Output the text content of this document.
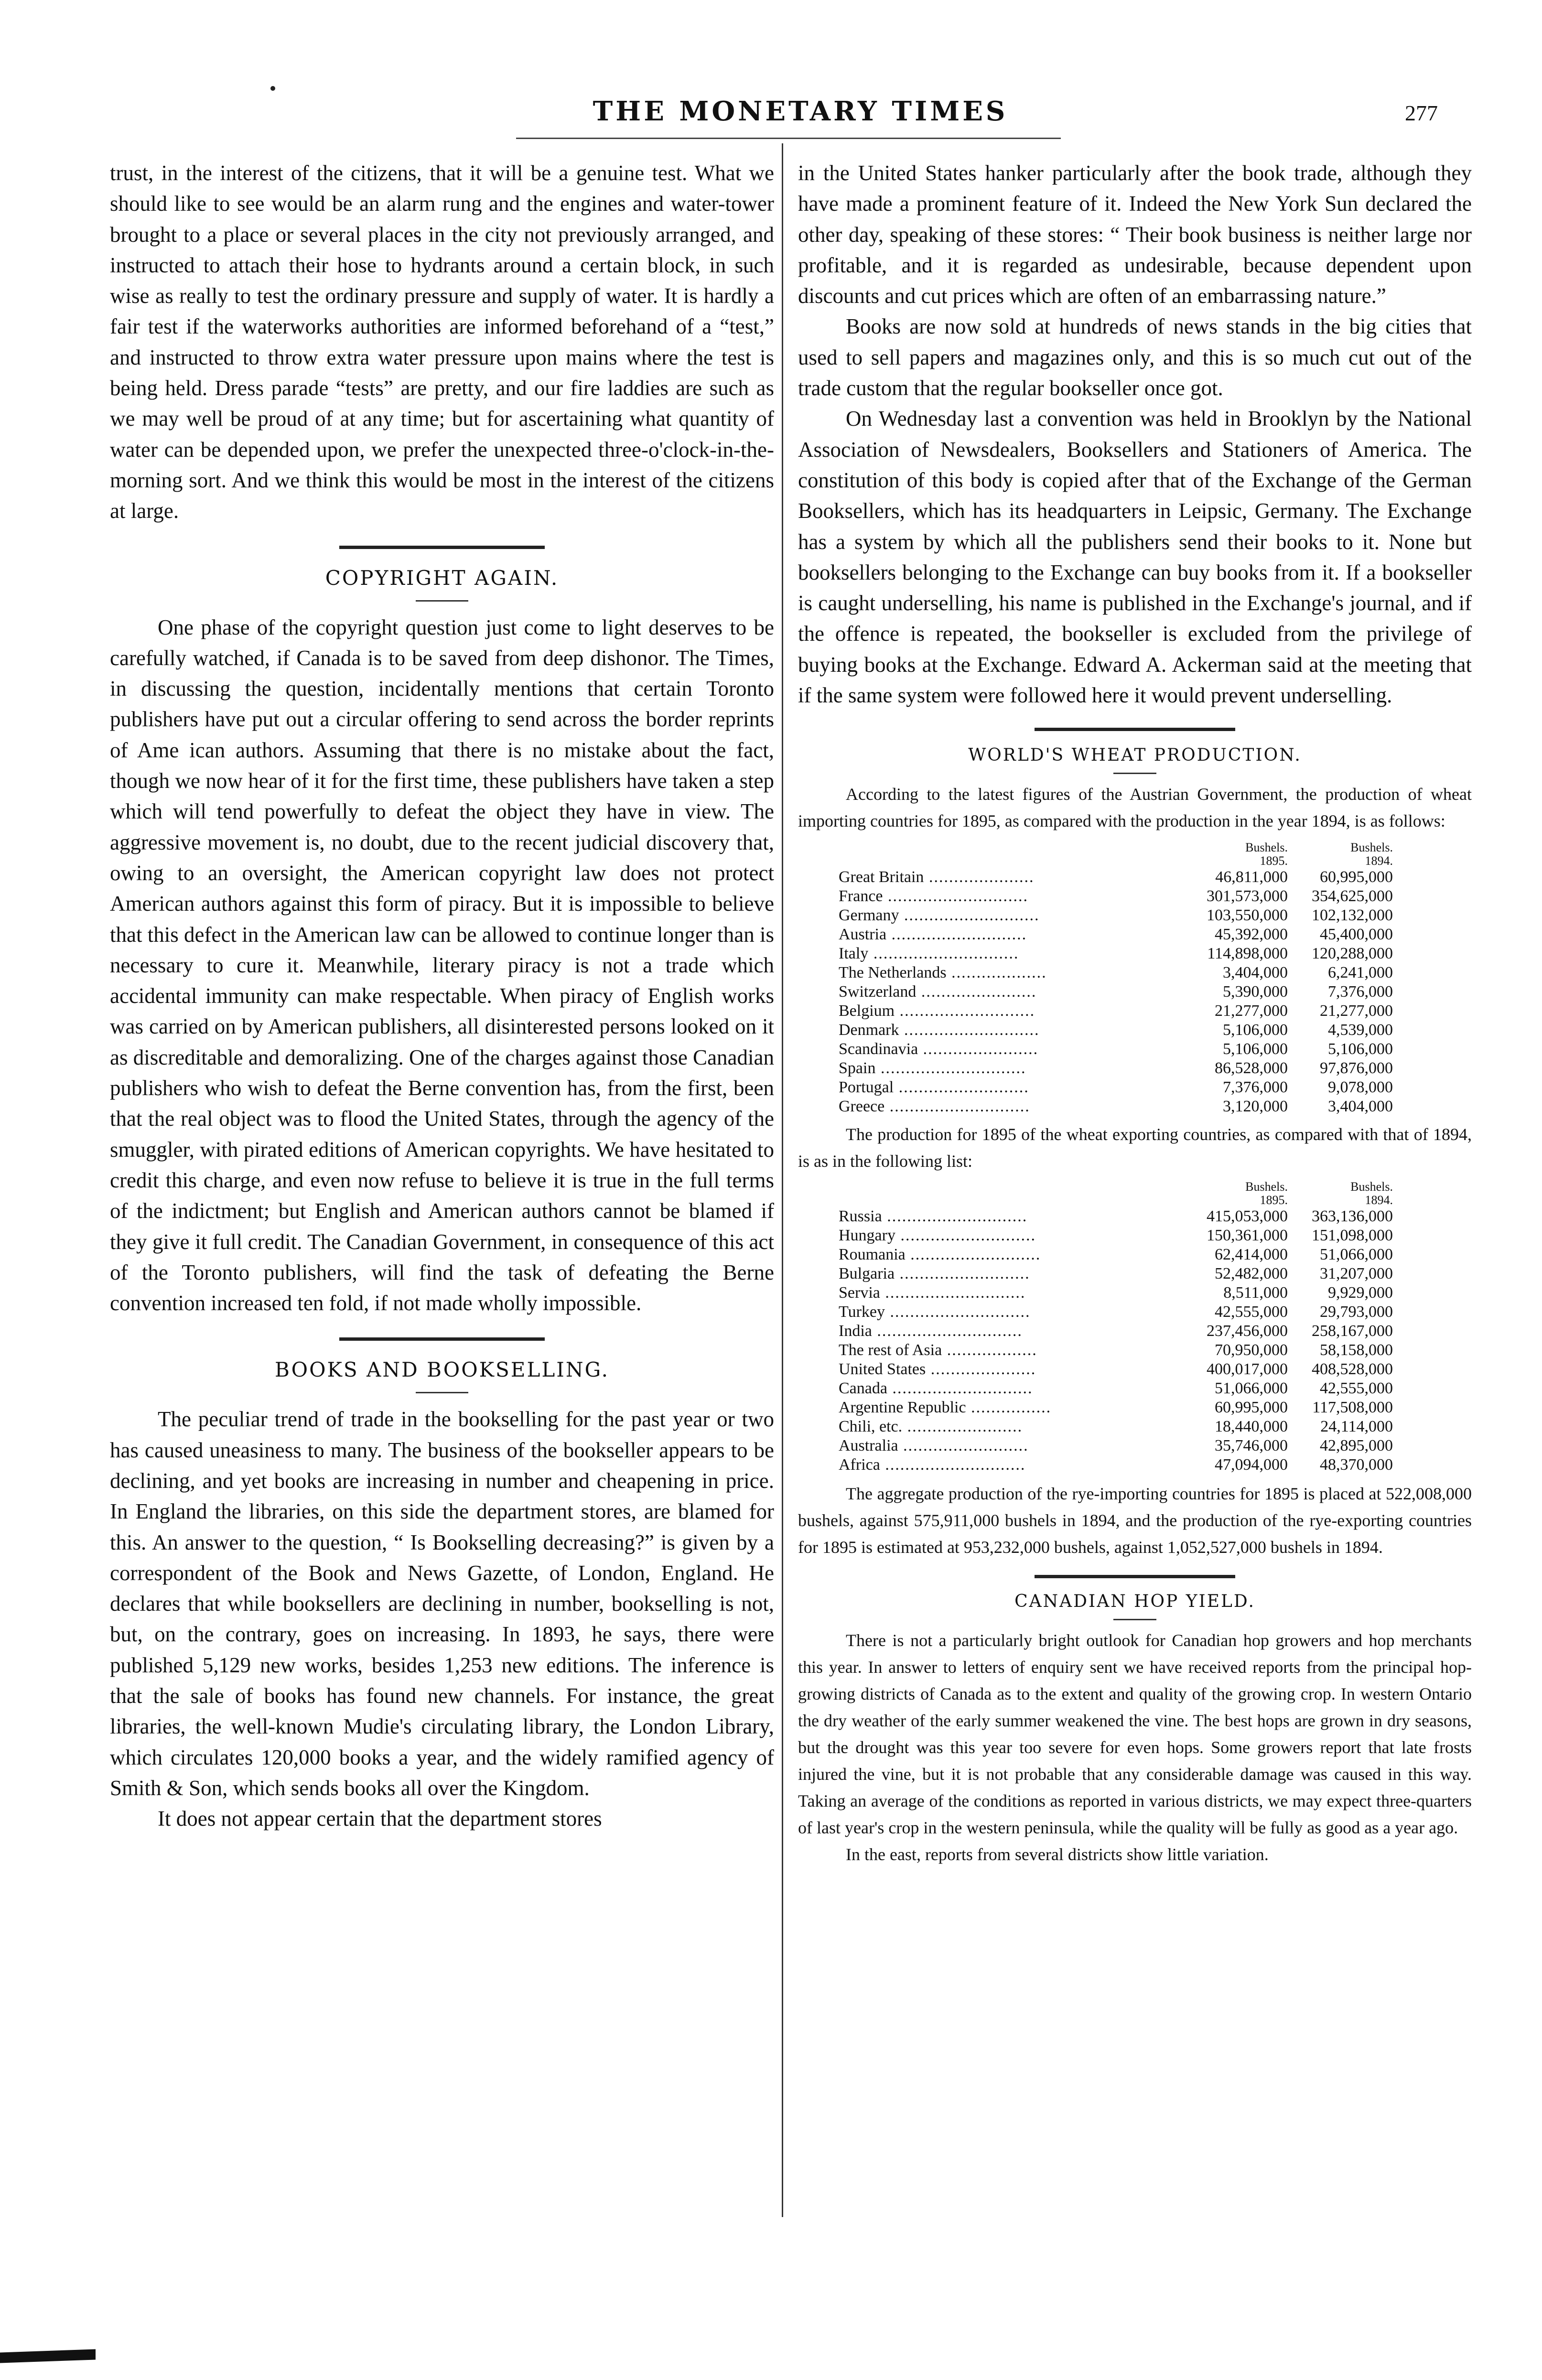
THE MONETARY TIMES	277

trust, in the interest of the citizens, that it will be a genuine test. What we should like to see would be an alarm rung and the engines and water-tower brought to a place or several places in the city not previously arranged, and instructed to attach their hose to hydrants around a certain block, in such wise as really to test the ordinary pressure and supply of water. It is hardly a fair test if the waterworks authorities are informed beforehand of a “test,” and instructed to throw extra water pressure upon mains where the test is being held. Dress parade “tests” are pretty, and our fire laddies are such as we may well be proud of at any time; but for ascertaining what quantity of water can be depended upon, we prefer the unexpected three-o'clock-in-the-morning sort. And we think this would be most in the interest of the citizens at large.

COPYRIGHT AGAIN.

One phase of the copyright question just come to light deserves to be carefully watched, if Canada is to be saved from deep dishonor. The Times, in discussing the question, incidentally mentions that certain Toronto publishers have put out a circular offering to send across the border reprints of Ame ican authors. Assuming that there is no mistake about the fact, though we now hear of it for the first time, these publishers have taken a step which will tend powerfully to defeat the object they have in view. The aggressive movement is, no doubt, due to the recent judicial discovery that, owing to an oversight, the American copyright law does not protect American authors against this form of piracy. But it is impossible to believe that this defect in the American law can be allowed to continue longer than is necessary to cure it. Meanwhile, literary piracy is not a trade which accidental immunity can make respectable. When piracy of English works was carried on by American publishers, all disinterested persons looked on it as discreditable and demoralizing. One of the charges against those Canadian publishers who wish to defeat the Berne convention has, from the first, been that the real object was to flood the United States, through the agency of the smuggler, with pirated editions of American copyrights. We have hesitated to credit this charge, and even now refuse to believe it is true in the full terms of the indictment; but English and American authors cannot be blamed if they give it full credit. The Canadian Government, in consequence of this act of the Toronto publishers, will find the task of defeating the Berne convention increased ten fold, if not made wholly impossible.

BOOKS AND BOOKSELLING.

The peculiar trend of trade in the bookselling for the past year or two has caused uneasiness to many. The business of the bookseller appears to be declining, and yet books are increasing in number and cheapening in price. In England the libraries, on this side the department stores, are blamed for this. An answer to the question, “ Is Bookselling decreasing?” is given by a correspondent of the Book and News Gazette, of London, England. He declares that while booksellers are declining in number, bookselling is not, but, on the contrary, goes on increasing. In 1893, he says, there were published 5,129 new works, besides 1,253 new editions. The inference is that the sale of books has found new channels. For instance, the great libraries, the well-known Mudie's circulating library, the London Library, which circulates 120,000 books a year, and the widely ramified agency of Smith & Son, which sends books all over the Kingdom.

It does not appear certain that the department stores

in the United States hanker particularly after the book trade, although they have made a prominent feature of it. Indeed the New York Sun declared the other day, speaking of these stores: “ Their book business is neither large nor profitable, and it is regarded as undesirable, because dependent upon discounts and cut prices which are often of an embarrassing nature.”

Books are now sold at hundreds of news stands in the big cities that used to sell papers and magazines only, and this is so much cut out of the trade custom that the regular bookseller once got.

On Wednesday last a convention was held in Brooklyn by the National Association of Newsdealers, Booksellers and Stationers of America. The constitution of this body is copied after that of the Exchange of the German Booksellers, which has its headquarters in Leipsic, Germany. The Exchange has a system by which all the publishers send their books to it. None but booksellers belonging to the Exchange can buy books from it. If a bookseller is caught underselling, his name is published in the Exchange's journal, and if the offence is repeated, the bookseller is excluded from the privilege of buying books at the Exchange. Edward A. Ackerman said at the meeting that if the same system were followed here it would prevent underselling.

WORLD'S WHEAT PRODUCTION.

According to the latest figures of the Austrian Government, the production of wheat importing countries for 1895, as compared with the production in the year 1894, is as follows:

	Bushels.	Bushels.
	1895.	1894.
Great Britain .....................	46,811,000	60,995,000
France ............................	301,573,000	354,625,000
Germany ...........................	103,550,000	102,132,000
Austria ...........................	45,392,000	45,400,000
Italy .............................	114,898,000	120,288,000
The Netherlands ...................	3,404,000	6,241,000
Switzerland .......................	5,390,000	7,376,000
Belgium ...........................	21,277,000	21,277,000
Denmark ...........................	5,106,000	4,539,000
Scandinavia .......................	5,106,000	5,106,000
Spain .............................	86,528,000	97,876,000
Portugal ..........................	7,376,000	9,078,000
Greece ............................	3,120,000	3,404,000

The production for 1895 of the wheat exporting countries, as compared with that of 1894, is as in the following list:

	Bushels.	Bushels.
	1895.	1894.
Russia ............................	415,053,000	363,136,000
Hungary ...........................	150,361,000	151,098,000
Roumania ..........................	62,414,000	51,066,000
Bulgaria ..........................	52,482,000	31,207,000
Servia ............................	8,511,000	9,929,000
Turkey ............................	42,555,000	29,793,000
India .............................	237,456,000	258,167,000
The rest of Asia ..................	70,950,000	58,158,000
United States .....................	400,017,000	408,528,000
Canada ............................	51,066,000	42,555,000
Argentine Republic ................	60,995,000	117,508,000
Chili, etc. .......................	18,440,000	24,114,000
Australia .........................	35,746,000	42,895,000
Africa ............................	47,094,000	48,370,000

The aggregate production of the rye-importing countries for 1895 is placed at 522,008,000 bushels, against 575,911,000 bushels in 1894, and the production of the rye-exporting countries for 1895 is estimated at 953,232,000 bushels, against 1,052,527,000 bushels in 1894.

CANADIAN HOP YIELD.

There is not a particularly bright outlook for Canadian hop growers and hop merchants this year. In answer to letters of enquiry sent we have received reports from the principal hop-growing districts of Canada as to the extent and quality of the growing crop. In western Ontario the dry weather of the early summer weakened the vine. The best hops are grown in dry seasons, but the drought was this year too severe for even hops. Some growers report that late frosts injured the vine, but it is not probable that any considerable damage was caused in this way. Taking an average of the conditions as reported in various districts, we may expect three-quarters of last year's crop in the western peninsula, while the quality will be fully as good as a year ago.

In the east, reports from several districts show little variation.
